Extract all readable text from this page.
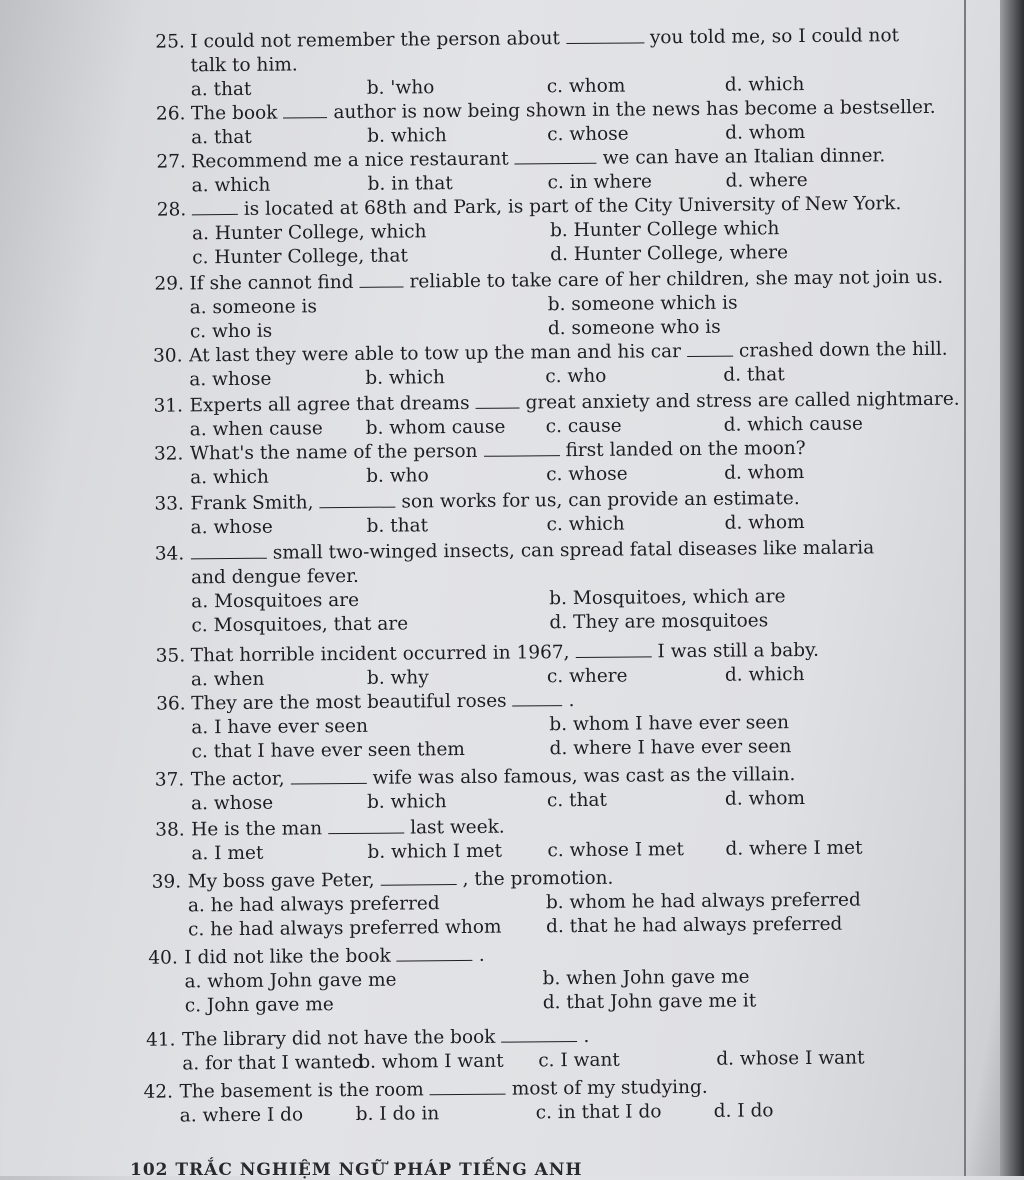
25. I could not remember the person about	you told me, so I could not
talk to him.
a. that	b. 'who	c. whom	d. which
26. The book	author is now being shown in the news has become a bestseller.
a. that	b. which	c. whose	d. whom
27. Recommend me a nice restaurant	we can have an Italian dinner.
a. which	b. in that	c. in where	d. where
28.	is located at 68th and Park, is part of the City University of New York.
a. Hunter College, which	b. Hunter College which
c. Hunter College, that	d. Hunter College, where
29. If she cannot find	reliable to take care of her children, she may not join us.
a. someone is	b. someone which is
c. who is	d. someone who is
30. At last they were able to tow up the man and his car	crashed down the hill.
a. whose	b. which	c. who	d. that
31. Experts all agree that dreams	great anxiety and stress are called nightmare.
a. when cause b. whom cause c. cause	d. which cause
32. What's the name of the person	first landed on the moon?
a. which	b. who	c. whose	d. whom
33. Frank Smith,	son works for us, can provide an estimate.
a. whose	b. that	c. which	d. whom
34.	small two-winged insects, can spread fatal diseases like malaria
and dengue fever.
a. Mosquitoes are	b. Mosquitoes, which are
c. Mosquitoes, that are	d. They are mosquitoes
35. That horrible incident occurred in 1967,	I was still a baby.
a. when	b. why	c. where	d. which
36. They are the most beautiful roses	.
a. I have ever seen	b. whom I have ever seen
c. that I have ever seen them	d. where I have ever seen
37. The actor,	wife was also famous, was cast as the villain.
a. whose	b. which	c. that	d. whom
38. He is the man	last week.
a. I met	b. which I met c. whose I met d. where I met
39. My boss gave Peter,	, the promotion.
a. he had always preferred	b. whom he had always preferred
c. he had always preferred whom d. that he had always preferred
40. I did not like the book	.
a. whom John gave me	b. when John gave me
c. John gave me	d. that John gave me it
41. The library did not have the book	.
a. for that I wanted
b. whom I want c. I want	d. whose I want
42. The basement is the room	most of my studying.
a. where I do	b. I do in	c. in that I do	d. I do
102 TRẮC NGHIỆM NGỮ PHÁP TIẾNG ANH
